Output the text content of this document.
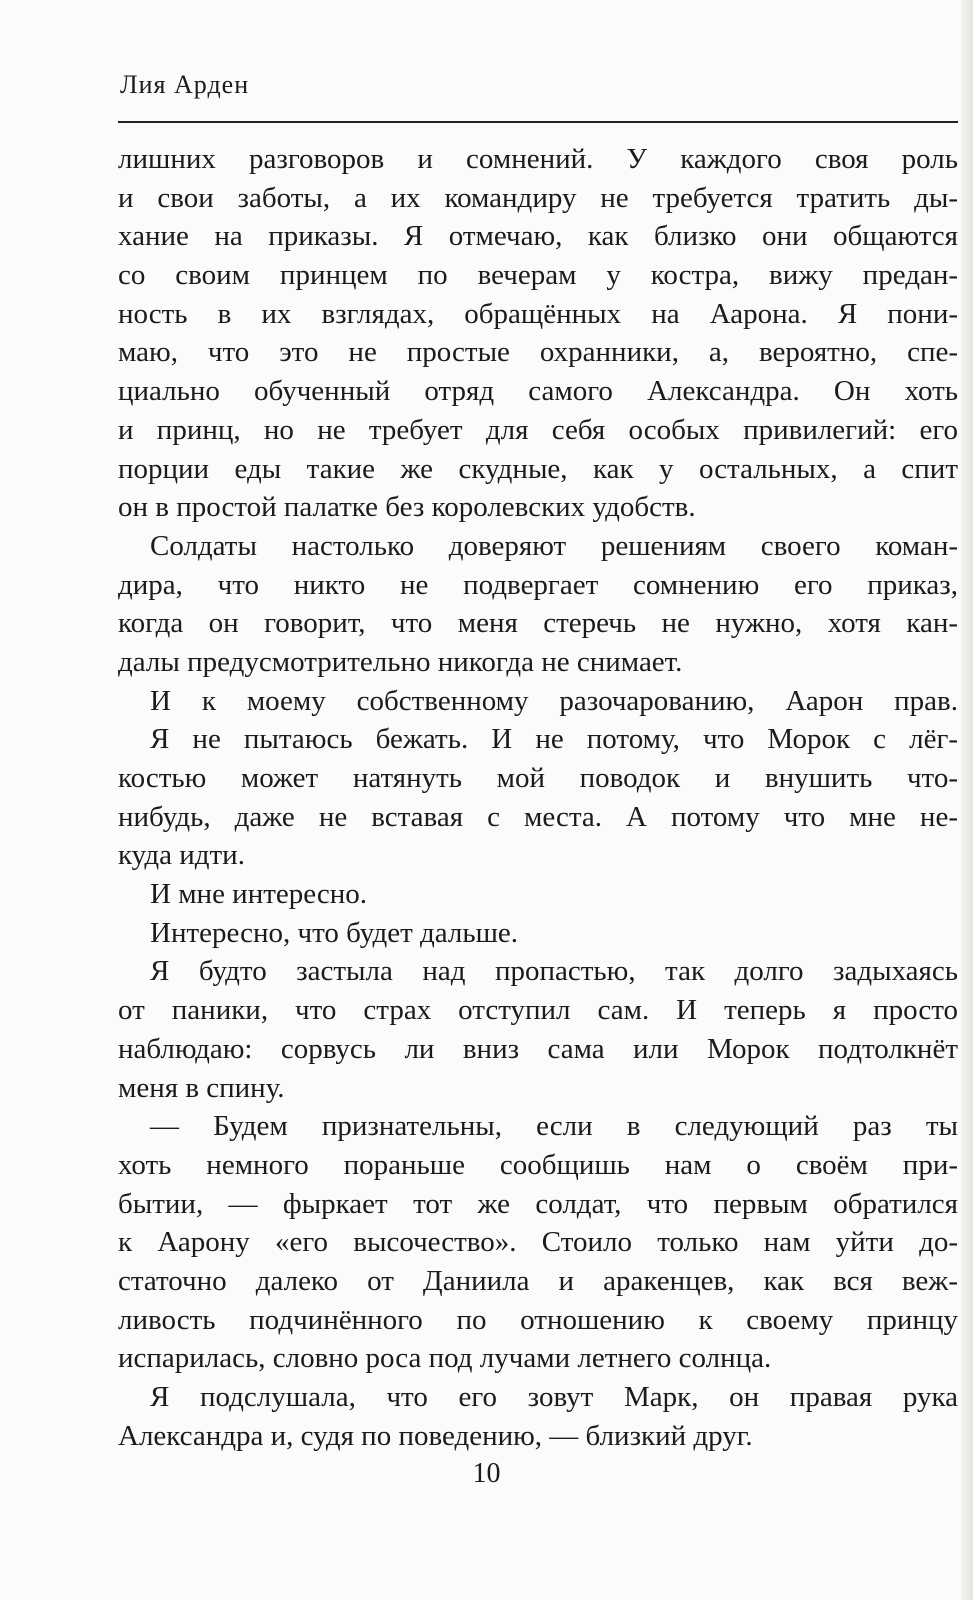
Лия Арден
лишних разговоров и сомнений. У каждого своя роль
и свои заботы, а их командиру не требуется тратить ды-
хание на приказы. Я отмечаю, как близко они общаются
со своим принцем по вечерам у костра, вижу предан-
ность в их взглядах, обращённых на Аарона. Я пони-
маю, что это не простые охранники, а, вероятно, спе-
циально обученный отряд самого Александра. Он хоть
и принц, но не требует для себя особых привилегий: его
порции еды такие же скудные, как у остальных, а спит
он в простой палатке без королевских удобств.
Солдаты настолько доверяют решениям своего коман-
дира, что никто не подвергает сомнению его приказ,
когда он говорит, что меня стеречь не нужно, хотя кан-
далы предусмотрительно никогда не снимает.
И к моему собственному разочарованию, Аарон прав.
Я не пытаюсь бежать. И не потому, что Морок с лёг-
костью может натянуть мой поводок и внушить что-
нибудь, даже не вставая с места. А потому что мне не-
куда идти.
И мне интересно.
Интересно, что будет дальше.
Я будто застыла над пропастью, так долго задыхаясь
от паники, что страх отступил сам. И теперь я просто
наблюдаю: сорвусь ли вниз сама или Морок подтолкнёт
меня в спину.
— Будем признательны, если в следующий раз ты
хоть немного пораньше сообщишь нам о своём при-
бытии, — фыркает тот же солдат, что первым обратился
к Аарону «его высочество». Стоило только нам уйти до-
статочно далеко от Даниила и аракенцев, как вся веж-
ливость подчинённого по отношению к своему принцу
испарилась, словно роса под лучами летнего солнца.
Я подслушала, что его зовут Марк, он правая рука
Александра и, судя по поведению, — близкий друг.
10
